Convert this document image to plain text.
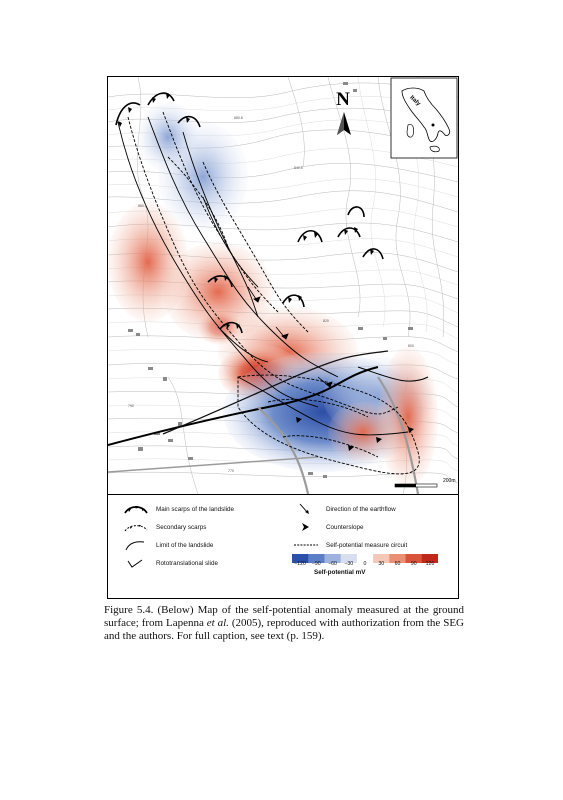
880.8
840.5
860.1
820
790
800
770
N	Italy
200m
Main scarps of the landslide
Secondary scarps
Limit of the landslide
Rototranslational slide
Direction of the earthflow
Counterslope
Self-potential measure circuit
−120 −90 −60 −30 0 30 60 90 120
Self-potential mV
Figure 5.4. (Below) Map of the self-potential anomaly measured at the ground surface; from Lapenna et al. (2005), reproduced with authorization from the SEG and the authors. For full caption, see text (p. 159).
